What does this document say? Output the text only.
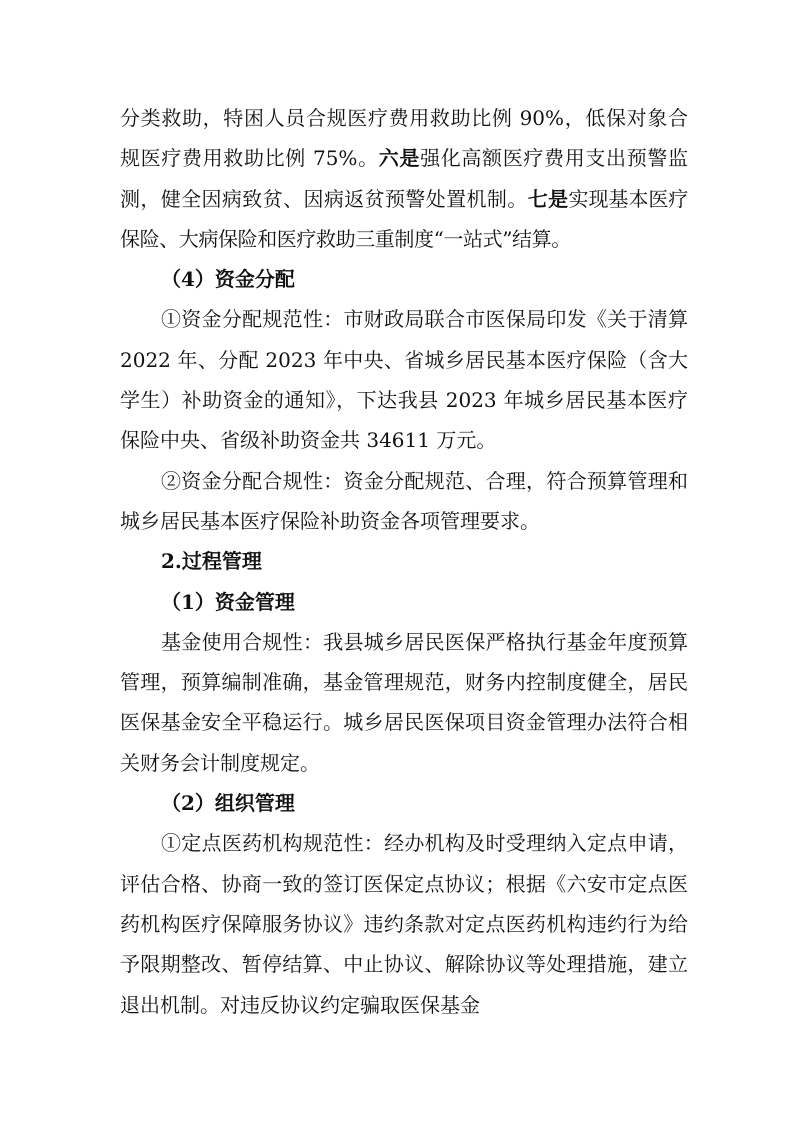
分类救助，特困人员合规医疗费用救助比例 90%，低保对象合规医疗费用救助比例 75%。六是强化高额医疗费用支出预警监测，健全因病致贫、因病返贫预警处置机制。七是实现基本医疗保险、大病保险和医疗救助三重制度“一站式”结算。

（4）资金分配

①资金分配规范性：市财政局联合市医保局印发《关于清算 2022 年、分配 2023 年中央、省城乡居民基本医疗保险（含大学生）补助资金的通知》，下达我县 2023 年城乡居民基本医疗保险中央、省级补助资金共 34611 万元。

②资金分配合规性：资金分配规范、合理，符合预算管理和城乡居民基本医疗保险补助资金各项管理要求。

2.过程管理

（1）资金管理

基金使用合规性：我县城乡居民医保严格执行基金年度预算管理，预算编制准确，基金管理规范，财务内控制度健全，居民医保基金安全平稳运行。城乡居民医保项目资金管理办法符合相关财务会计制度规定。

（2）组织管理

①定点医药机构规范性：经办机构及时受理纳入定点申请，评估合格、协商一致的签订医保定点协议；根据《六安市定点医药机构医疗保障服务协议》违约条款对定点医药机构违约行为给予限期整改、暂停结算、中止协议、解除协议等处理措施，建立退出机制。对违反协议约定骗取医保基金
